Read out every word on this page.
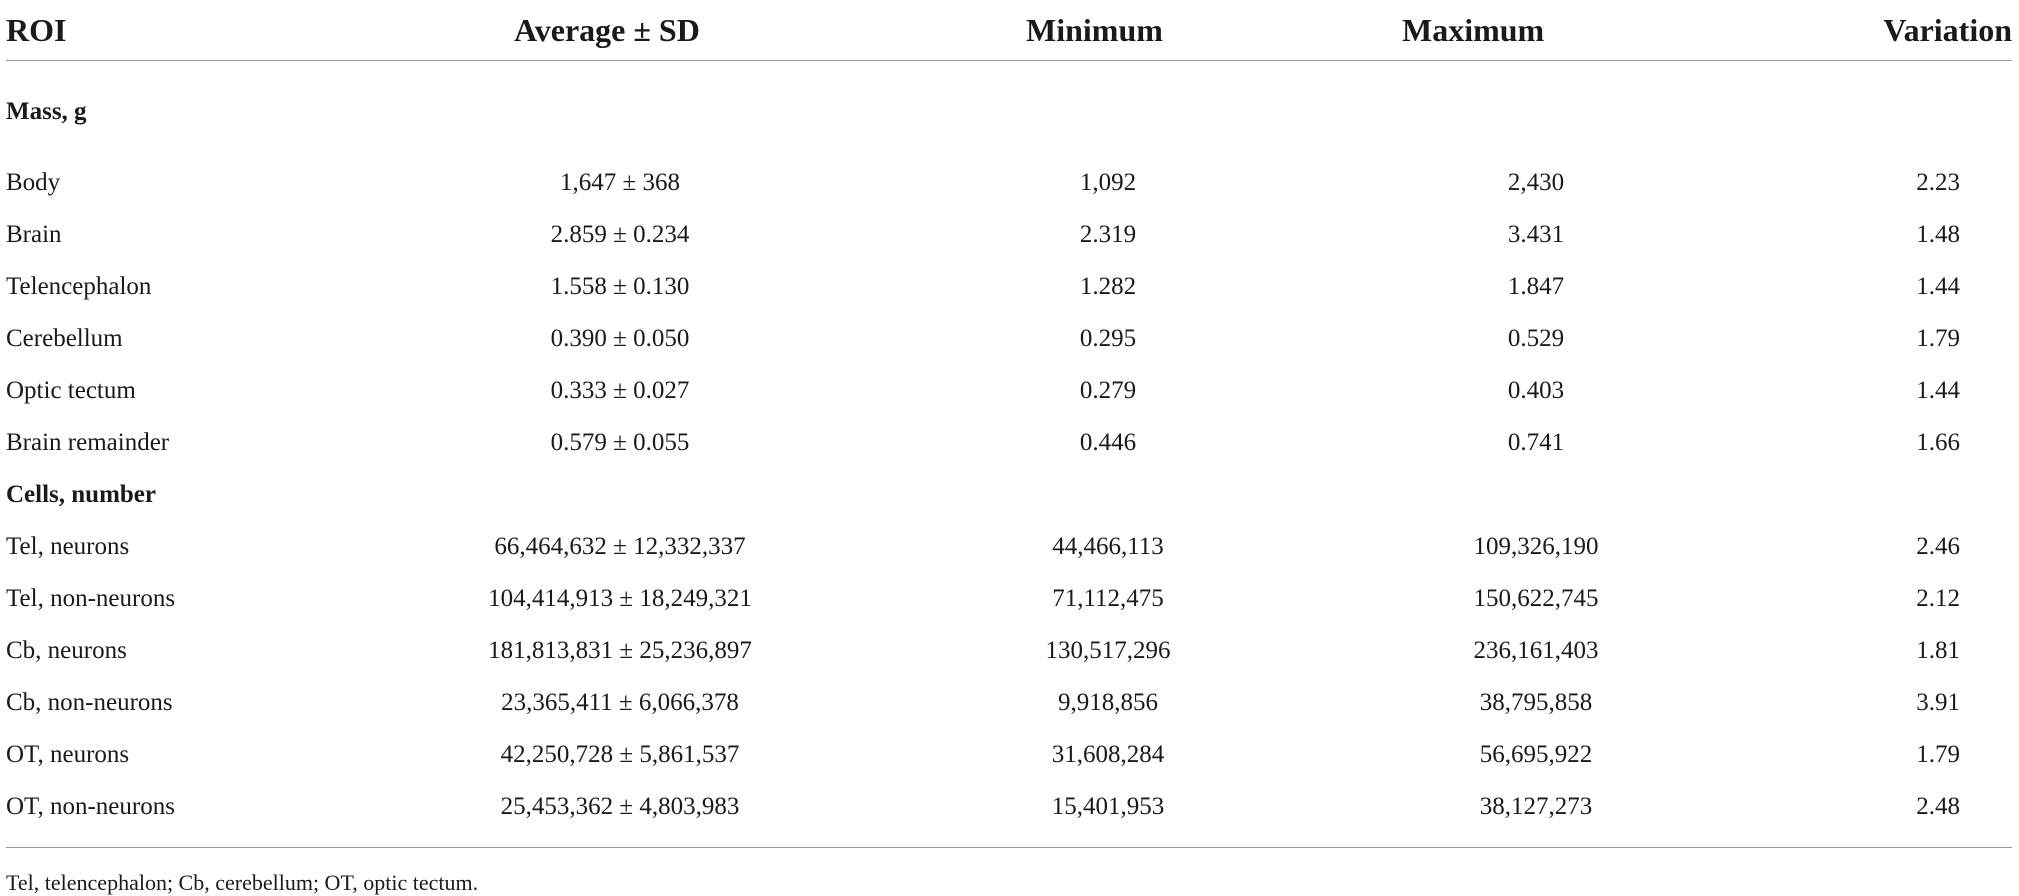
ROI	Average ± SD	Minimum	Maximum	Variation
Mass, g				
Body	1,647 ± 368	1,092	2,430	2.23
Brain	2.859 ± 0.234	2.319	3.431	1.48
Telencephalon	1.558 ± 0.130	1.282	1.847	1.44
Cerebellum	0.390 ± 0.050	0.295	0.529	1.79
Optic tectum	0.333 ± 0.027	0.279	0.403	1.44
Brain remainder	0.579 ± 0.055	0.446	0.741	1.66
Cells, number				
Tel, neurons	66,464,632 ± 12,332,337	44,466,113	109,326,190	2.46
Tel, non-neurons	104,414,913 ± 18,249,321	71,112,475	150,622,745	2.12
Cb, neurons	181,813,831 ± 25,236,897	130,517,296	236,161,403	1.81
Cb, non-neurons	23,365,411 ± 6,066,378	9,918,856	38,795,858	3.91
OT, neurons	42,250,728 ± 5,861,537	31,608,284	56,695,922	1.79
OT, non-neurons	25,453,362 ± 4,803,983	15,401,953	38,127,273	2.48
Tel, telencephalon; Cb, cerebellum; OT, optic tectum.
